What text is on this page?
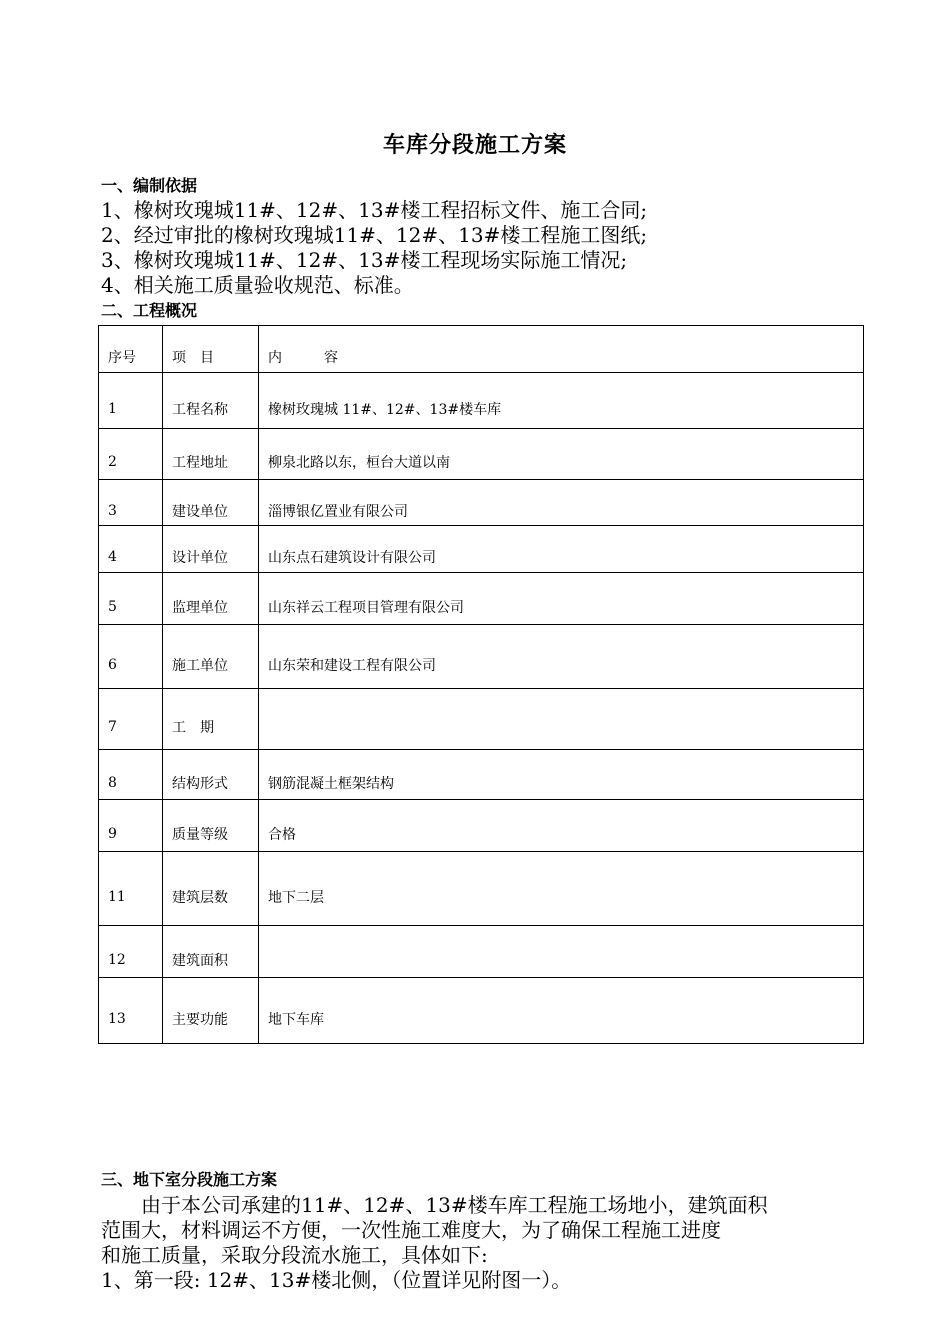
车库分段施工方案
一、编制依据
1、橡树玫瑰城11#、12#、13#楼工程招标文件、施工合同;
2、经过审批的橡树玫瑰城11#、12#、13#楼工程施工图纸;
3、橡树玫瑰城11#、12#、13#楼工程现场实际施工情况;
4、相关施工质量验收规范、标准。
二、工程概况
序号	项　目	内　　　容

1	工程名称	橡树玫瑰城 11#、12#、13#楼车库

2	工程地址	柳泉北路以东，桓台大道以南

3	建设单位	淄博银亿置业有限公司

4	设计单位	山东点石建筑设计有限公司

5	监理单位	山东祥云工程项目管理有限公司

6	施工单位	山东荣和建设工程有限公司

7	工　期	

8	结构形式	钢筋混凝土框架结构

9	质量等级	合格

11	建筑层数	地下二层

12	建筑面积	

13	主要功能	地下车库
三、地下室分段施工方案
　　由于本公司承建的11#、12#、13#楼车库工程施工场地小，建筑面积
范围大，材料调运不方便，一次性施工难度大，为了确保工程施工进度
和施工质量，采取分段流水施工，具体如下:
1、第一段: 12#、13#楼北侧，（位置详见附图一）。
